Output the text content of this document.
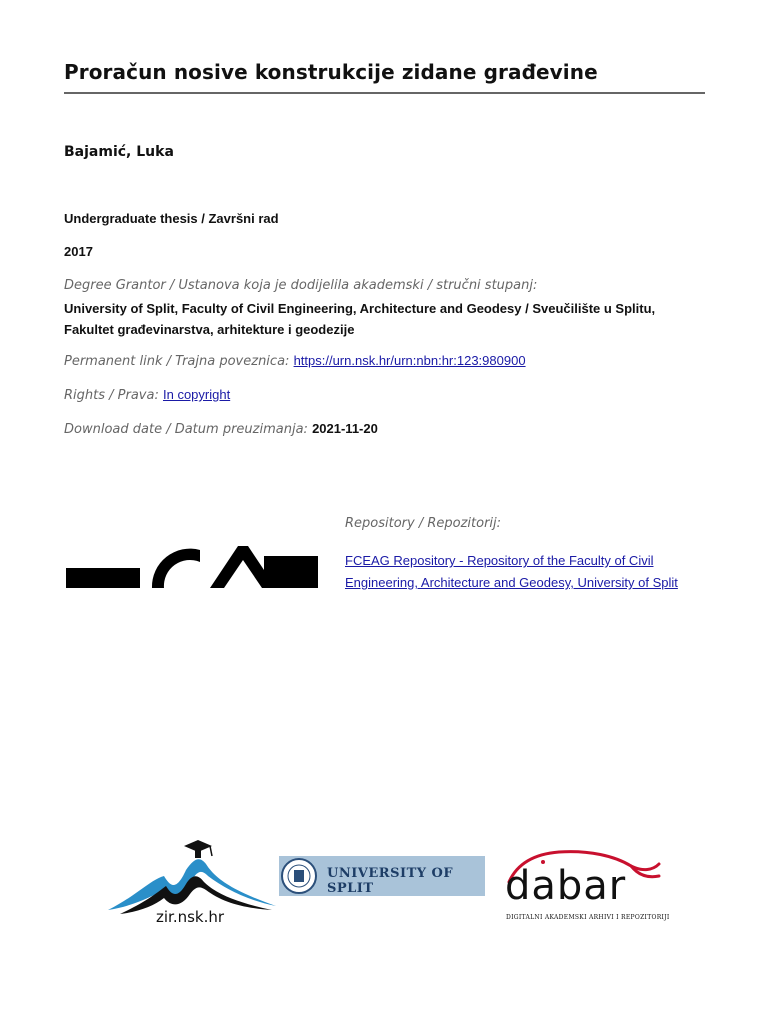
Proračun nosive konstrukcije zidane građevine
Bajamić, Luka
Undergraduate thesis / Završni rad
2017
Degree Grantor / Ustanova koja je dodijelila akademski / stručni stupanj:
University of Split, Faculty of Civil Engineering, Architecture and Geodesy / Sveučilište u Splitu, Fakultet građevinarstva, arhitekture i geodezije
Permanent link / Trajna poveznica: https://urn.nsk.hr/urn:nbn:hr:123:980900
Rights / Prava: In copyright
Download date / Datum preuzimanja: 2021-11-20
Repository / Repozitorij:
FCEAG Repository - Repository of the Faculty of Civil Engineering, Architecture and Geodesy, University of Split
zir.nsk.hr
UNIVERSITY OF SPLIT	dabar
DIGITALNI AKADEMSKI ARHIVI I REPOZITORIJI
